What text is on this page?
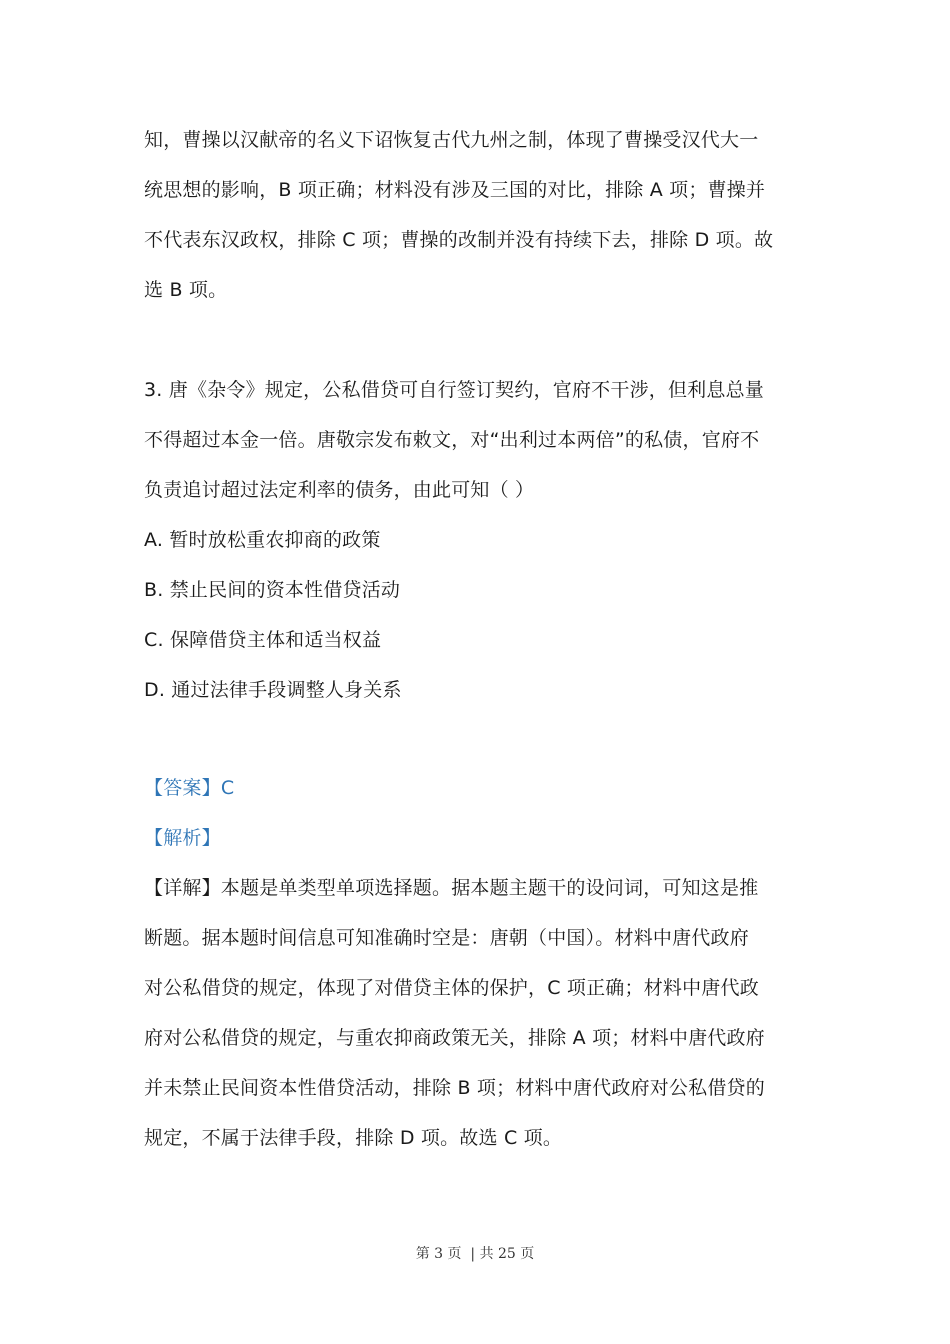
知，曹操以汉献帝的名义下诏恢复古代九州之制，体现了曹操受汉代大一
统思想的影响，B 项正确；材料没有涉及三国的对比，排除 A 项；曹操并
不代表东汉政权，排除 C 项；曹操的改制并没有持续下去，排除 D 项。故
选 B 项。
3. 唐《杂令》规定，公私借贷可自行签订契约，官府不干涉，但利息总量
不得超过本金一倍。唐敬宗发布敕文，对“出利过本两倍”的私债，官府不
负责追讨超过法定利率的债务，由此可知（ ）
A. 暂时放松重农抑商的政策
B. 禁止民间的资本性借贷活动
C. 保障借贷主体和适当权益
D. 通过法律手段调整人身关系
【答案】C
【解析】
【详解】本题是单类型单项选择题。据本题主题干的设问词，可知这是推
断题。据本题时间信息可知准确时空是：唐朝（中国）。材料中唐代政府
对公私借贷的规定，体现了对借贷主体的保护，C 项正确；材料中唐代政
府对公私借贷的规定，与重农抑商政策无关，排除 A 项；材料中唐代政府
并未禁止民间资本性借贷活动，排除 B 项；材料中唐代政府对公私借贷的
规定，不属于法律手段，排除 D 项。故选 C 项。
第 3 页 | 共 25 页
